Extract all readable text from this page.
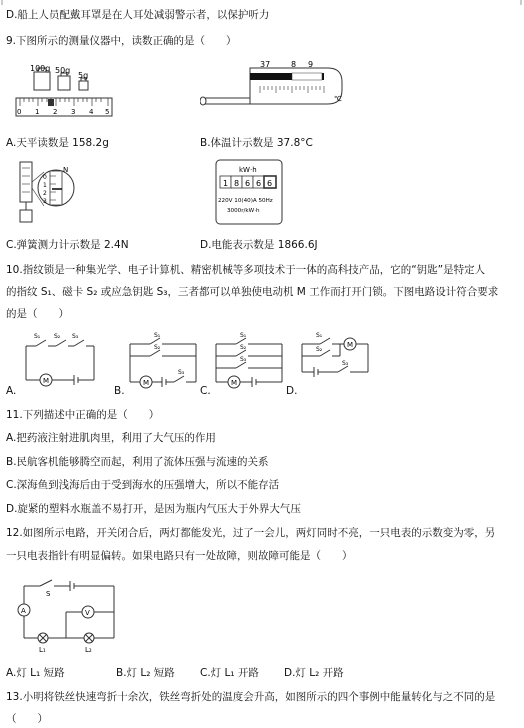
D.船上人员配戴耳罩是在人耳处减弱警示者，以保护听力
9.下图所示的测量仪器中，读数正确的是（　　）
100g 50g
5g
0 1 2 3 4 5
37	8 9
℃
A.天平读数是 158.2g	B.体温计示数是 37.8°C
N
0
1
2
3
kW·h
1 8 6 6 6
220V 10(40)A 50Hz
3000r/kW·h
C.弹簧测力计示数是 2.4N	D.电能表示数是 1866.6J
10.指纹锁是一种集光学、电子计算机、精密机械等多项技术于一体的高科技产品，它的“钥匙”是特定人
的指纹 S₁、磁卡 S₂ 或应急钥匙 S₃，三者都可以单独使电动机 M 工作而打开门锁。下图电路设计符合要求
的是（　　）
M
S₁ S₂ S₃
A.
M
S₁
S₂
S₃
B.
M
S₁
S₂
S₃
C.
M
S₁
S₂
S₃
D.
11.下列描述中正确的是（　　）
A.把药液注射进肌肉里，利用了大气压的作用
B.民航客机能够腾空而起，利用了流体压强与流速的关系
C.深海鱼到浅海后由于受到海水的压强增大，所以不能存活
D.旋紧的塑料水瓶盖不易打开，是因为瓶内气压大于外界大气压
12.如图所示电路，开关闭合后，两灯都能发光，过了一会儿，两灯同时不亮，一只电表的示数变为零，另
一只电表指针有明显偏转。如果电路只有一处故障，则故障可能是（　　）
A	V
S
L₁	L₂
A.灯 L₁ 短路	B.灯 L₂ 短路 C.灯 L₁ 开路 D.灯 L₂ 开路
13.小明将铁丝快速弯折十余次，铁丝弯折处的温度会升高，如图所示的四个事例中能量转化与之不同的是
（　　）
